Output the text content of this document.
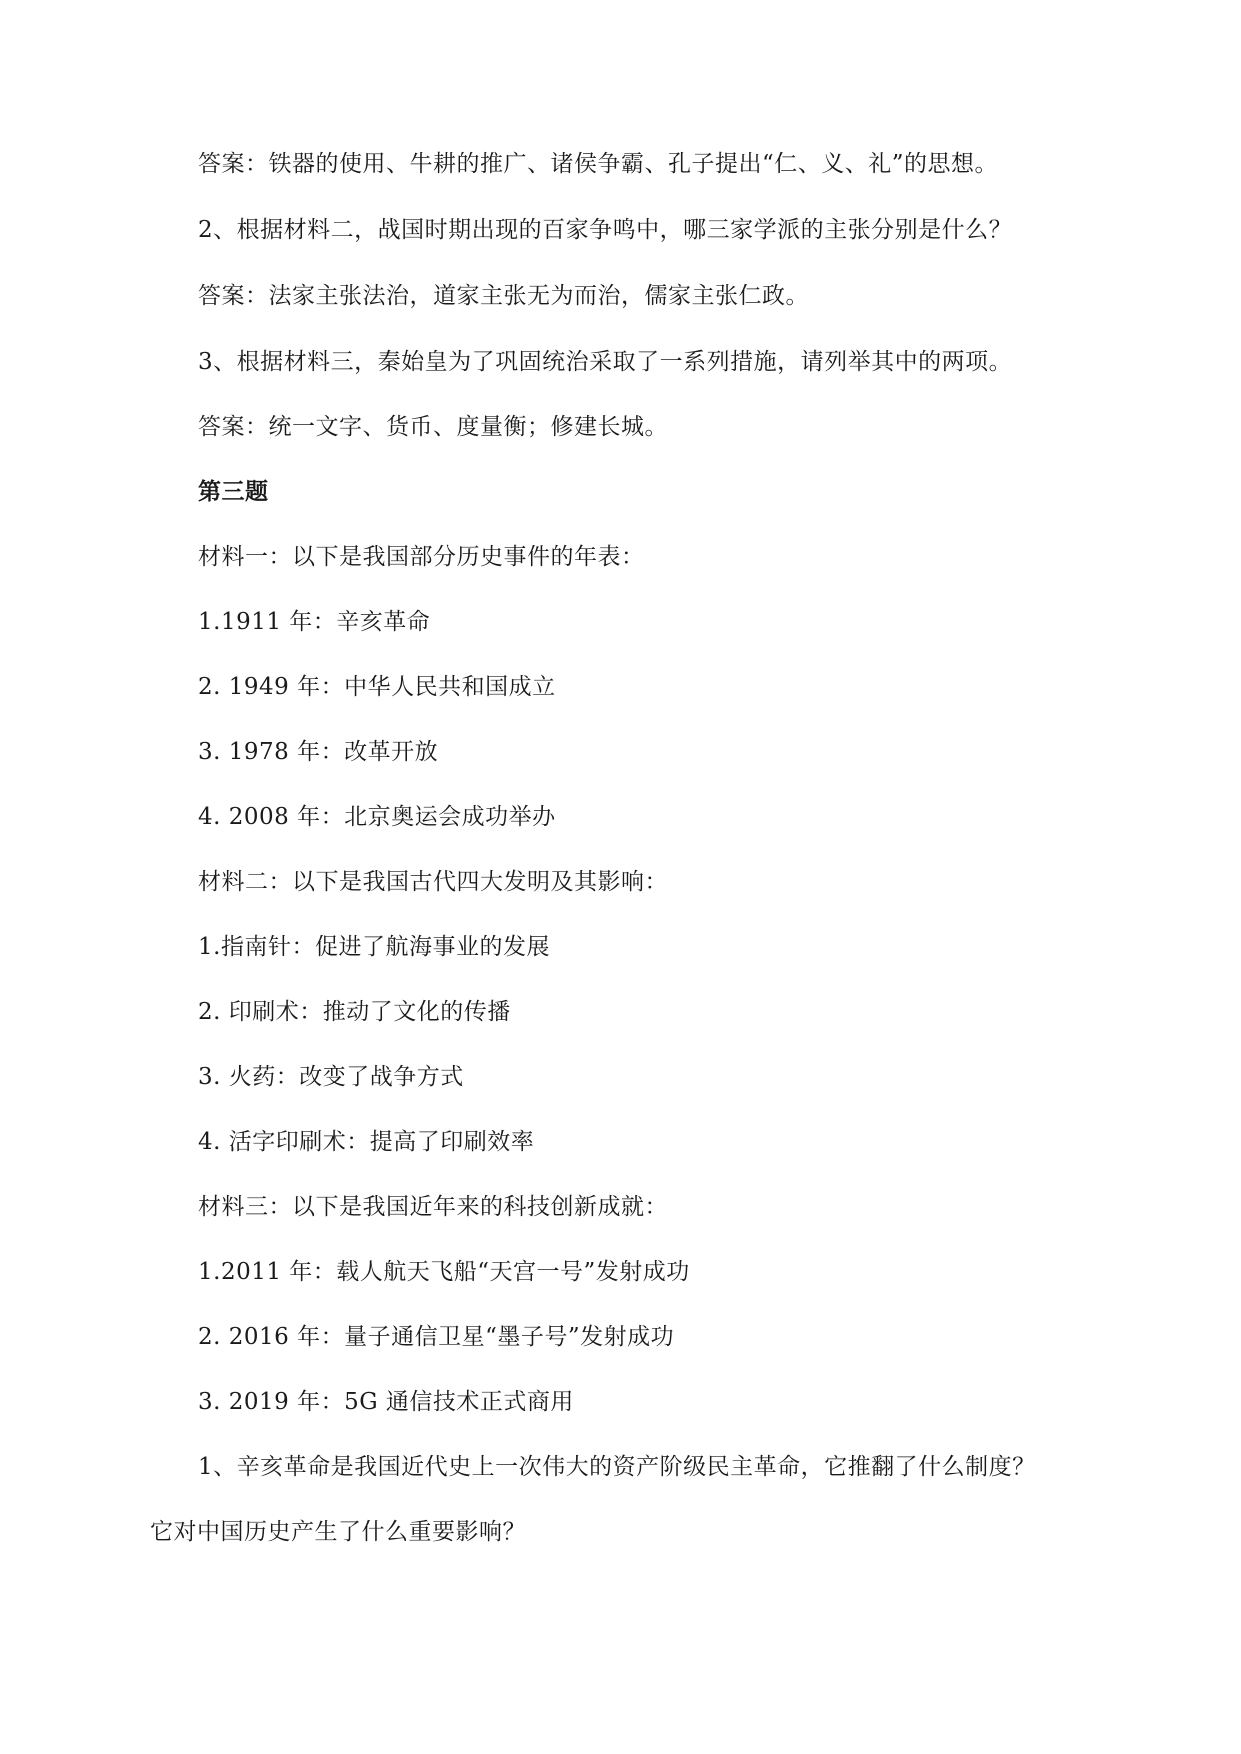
答案：铁器的使用、牛耕的推广、诸侯争霸、孔子提出“仁、义、礼”的思想。
2、根据材料二，战国时期出现的百家争鸣中，哪三家学派的主张分别是什么？
答案：法家主张法治，道家主张无为而治，儒家主张仁政。
3、根据材料三，秦始皇为了巩固统治采取了一系列措施，请列举其中的两项。
答案：统一文字、货币、度量衡；修建长城。
第三题
材料一：以下是我国部分历史事件的年表：
1.1911 年：辛亥革命
2. 1949 年：中华人民共和国成立
3. 1978 年：改革开放
4. 2008 年：北京奥运会成功举办
材料二：以下是我国古代四大发明及其影响：
1.指南针：促进了航海事业的发展
2. 印刷术：推动了文化的传播
3. 火药：改变了战争方式
4. 活字印刷术：提高了印刷效率
材料三：以下是我国近年来的科技创新成就：
1.2011 年：载人航天飞船“天宫一号”发射成功
2. 2016 年：量子通信卫星“墨子号”发射成功
3. 2019 年：5G 通信技术正式商用
1、辛亥革命是我国近代史上一次伟大的资产阶级民主革命，它推翻了什么制度？
它对中国历史产生了什么重要影响？
